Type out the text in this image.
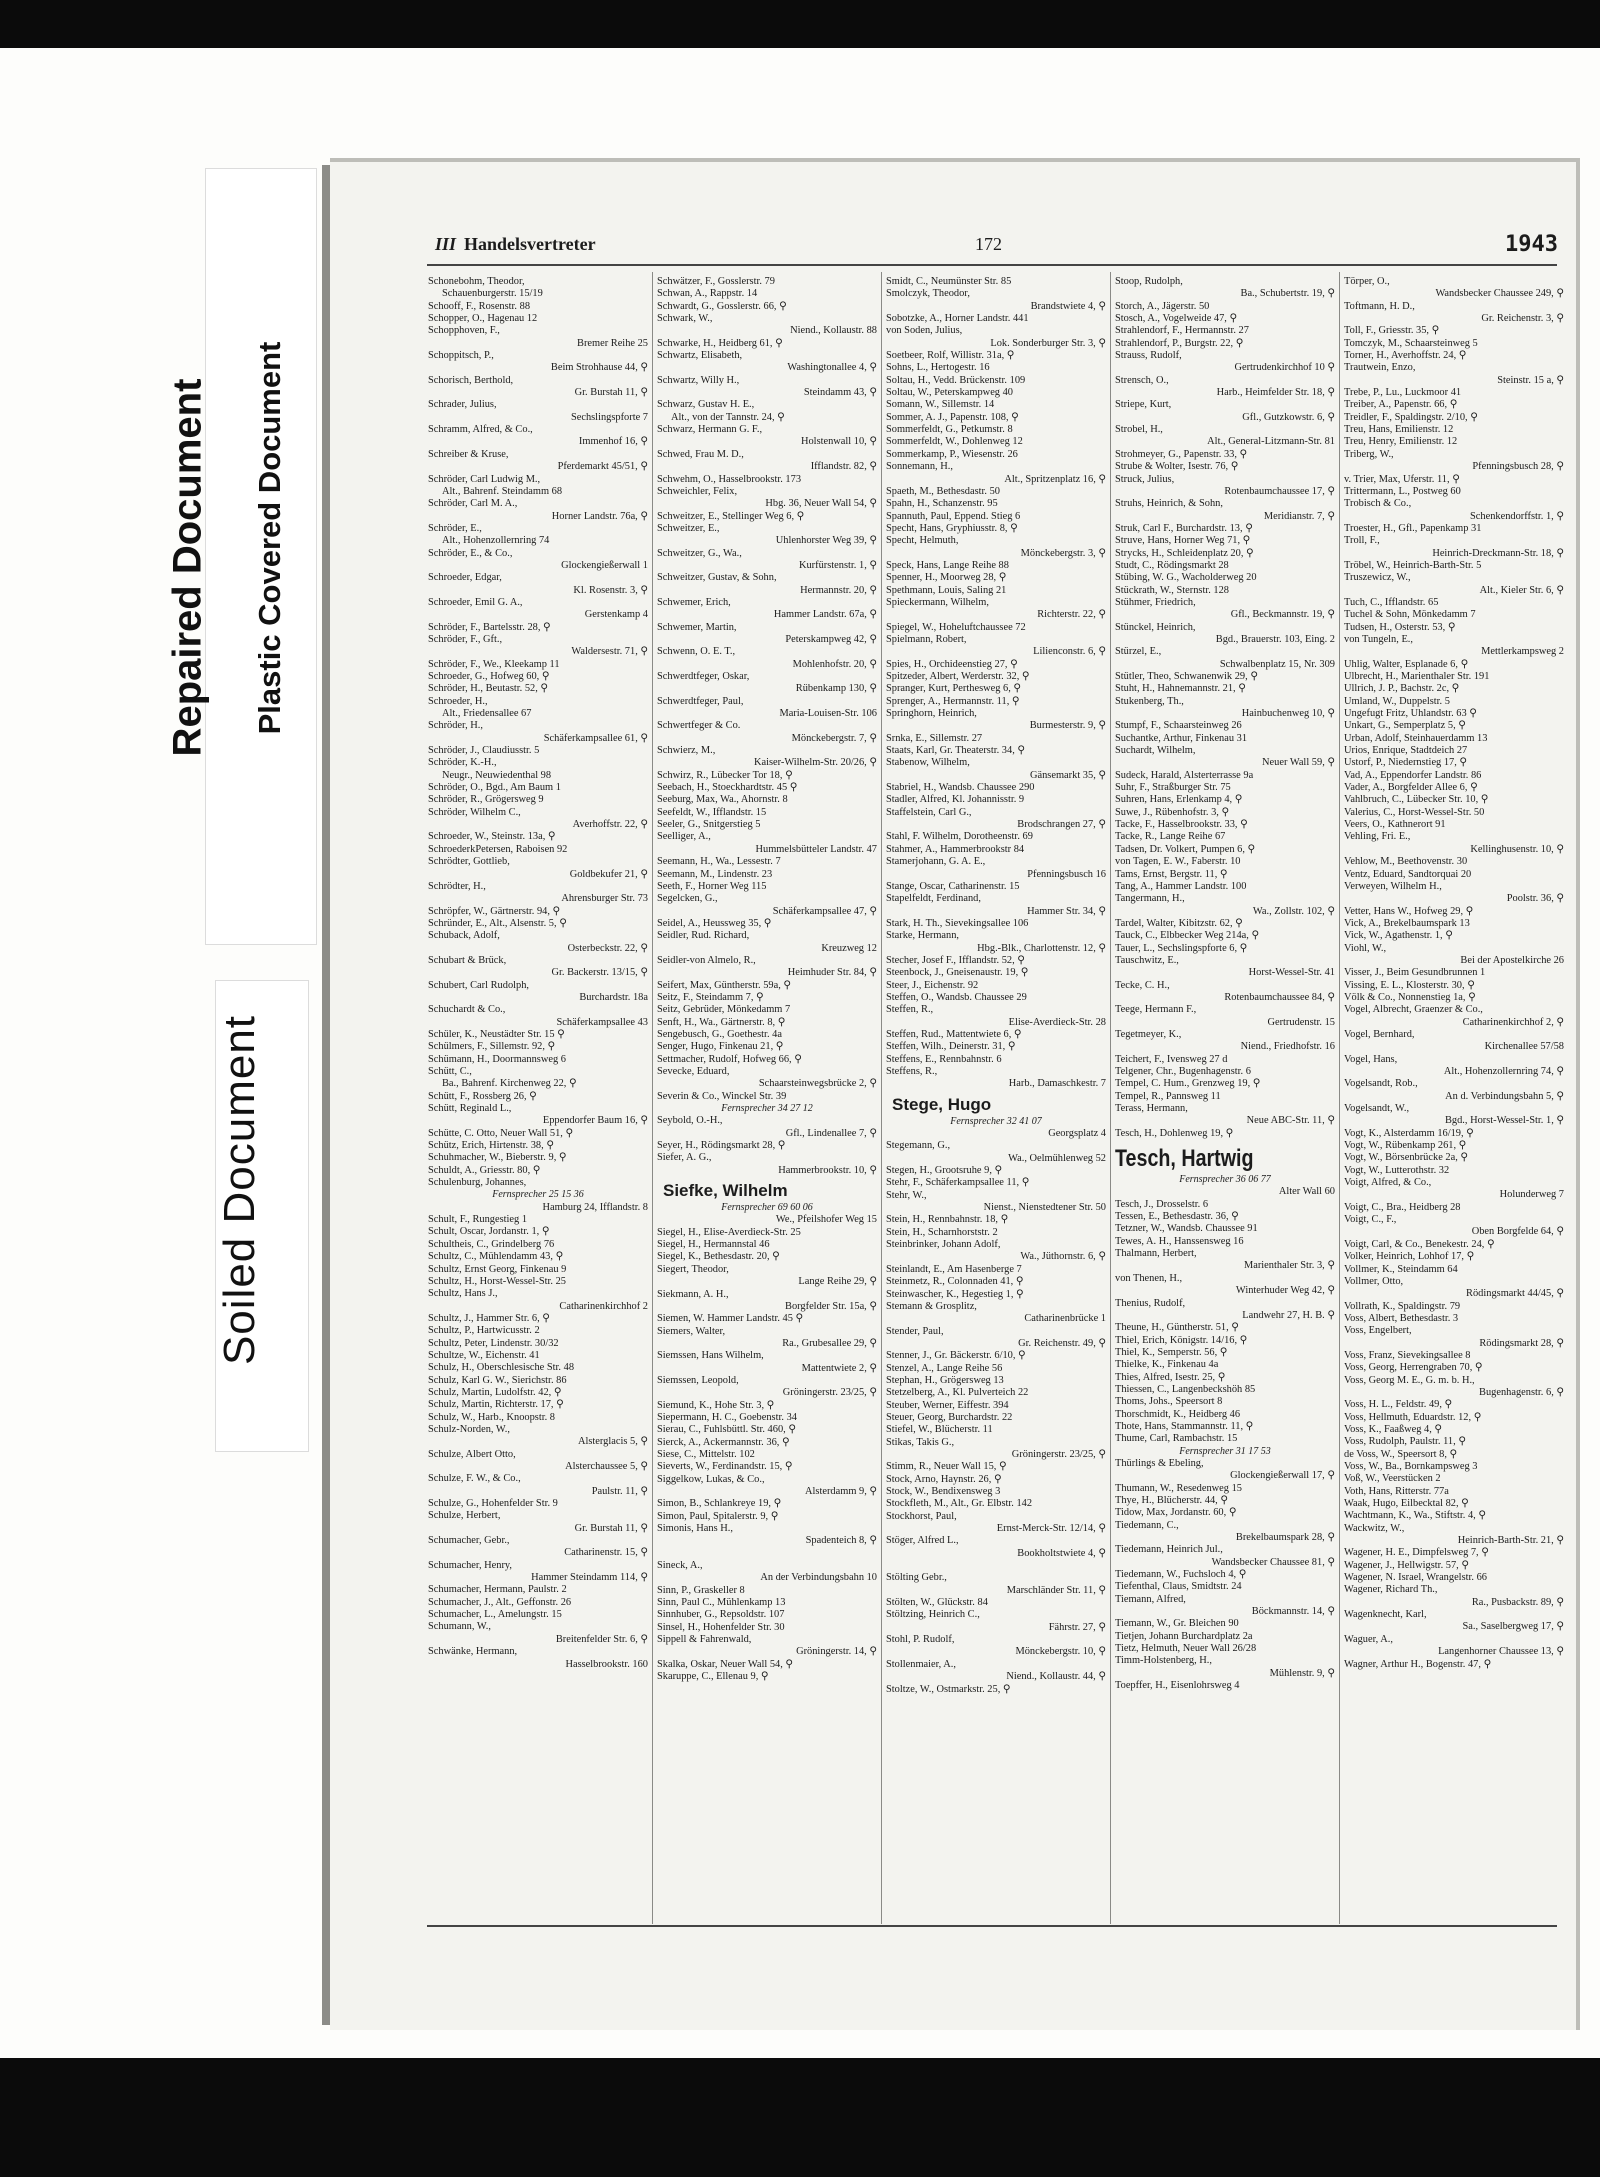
Repaired Document Plastic Covered Document
Soiled Document
III Handelsvertreter	172	1943
Schonebohm, Theodor,
Schauenburgerstr. 15/19
Schooff, F., Rosenstr. 88
Schopper, O., Hagenau 12
Schopphoven, F.,
Bremer Reihe 25
Schoppitsch, P.,
Beim Strohhause 44, ⚲
Schorisch, Berthold,
Gr. Burstah 11, ⚲
Schrader, Julius,
Sechslingspforte 7
Schramm, Alfred, & Co.,
Immenhof 16, ⚲
Schreiber & Kruse,
Pferdemarkt 45/51, ⚲
Schröder, Carl Ludwig M.,
Alt., Bahrenf. Steindamm 68
Schröder, Carl M. A.,
Horner Landstr. 76a, ⚲
Schröder, E.,
Alt., Hohenzollernring 74
Schröder, E., & Co.,
Glockengießerwall 1
Schroeder, Edgar,
Kl. Rosenstr. 3, ⚲
Schroeder, Emil G. A.,
Gerstenkamp 4
Schröder, F., Bartelsstr. 28, ⚲
Schröder, F., Gft.,
Waldersestr. 71, ⚲
Schröder, F., We., Kleekamp 11
Schroeder, G., Hofweg 60, ⚲
Schröder, H., Beutastr. 52, ⚲
Schroeder, H.,
Alt., Friedensallee 67
Schröder, H.,
Schäferkampsallee 61, ⚲
Schröder, J., Claudiusstr. 5
Schröder, K.-H.,
Neugr., Neuwiedenthal 98
Schröder, O., Bgd., Am Baum 1
Schröder, R., Grögersweg 9
Schröder, Wilhelm C.,
Averhoffstr. 22, ⚲
Schroeder, W., Steinstr. 13a, ⚲
SchroederkPetersen, Raboisen 92
Schrödter, Gottlieb,
Goldbekufer 21, ⚲
Schrödter, H.,
Ahrensburger Str. 73
Schröpfer, W., Gärtnerstr. 94, ⚲
Schründer, E., Alt., Alsenstr. 5, ⚲
Schuback, Adolf,
Osterbeckstr. 22, ⚲
Schubart & Brück,
Gr. Backerstr. 13/15, ⚲
Schubert, Carl Rudolph,
Burchardstr. 18a
Schuchardt & Co.,
Schäferkampsallee 43
Schüler, K., Neustädter Str. 15 ⚲
Schülmers, F., Sillemstr. 92, ⚲
Schümann, H., Doormannsweg 6
Schütt, C.,
Ba., Bahrenf. Kirchenweg 22, ⚲
Schütt, F., Rossberg 26, ⚲
Schütt, Reginald L.,
Eppendorfer Baum 16, ⚲
Schütte, C. Otto, Neuer Wall 51, ⚲
Schütz, Erich, Hirtenstr. 38, ⚲
Schuhmacher, W., Bieberstr. 9, ⚲
Schuldt, A., Griesstr. 80, ⚲
Schulenburg, Johannes,
Fernsprecher 25 15 36
Hamburg 24, Ifflandstr. 8
Schult, F., Rungestieg 1
Schult, Oscar, Jordanstr. 1, ⚲
Schultheis, C., Grindelberg 76
Schultz, C., Mühlendamm 43, ⚲
Schultz, Ernst Georg, Finkenau 9
Schultz, H., Horst-Wessel-Str. 25
Schultz, Hans J.,
Catharinenkirchhof 2
Schultz, J., Hammer Str. 6, ⚲
Schultz, P., Hartwicusstr. 2
Schultz, Peter, Lindenstr. 30/32
Schultze, W., Eichenstr. 41
Schulz, H., Oberschlesische Str. 48
Schulz, Karl G. W., Sierichstr. 86
Schulz, Martin, Ludolfstr. 42, ⚲
Schulz, Martin, Richterstr. 17, ⚲
Schulz, W., Harb., Knoopstr. 8
Schulz-Norden, W.,
Alsterglacis 5, ⚲
Schulze, Albert Otto,
Alsterchaussee 5, ⚲
Schulze, F. W., & Co.,
Paulstr. 11, ⚲
Schulze, G., Hohenfelder Str. 9
Schulze, Herbert,
Gr. Burstah 11, ⚲
Schumacher, Gebr.,
Catharinenstr. 15, ⚲
Schumacher, Henry,
Hammer Steindamm 114, ⚲
Schumacher, Hermann, Paulstr. 2
Schumacher, J., Alt., Geffonstr. 26
Schumacher, L., Amelungstr. 15
Schumann, W.,
Breitenfelder Str. 6, ⚲
Schwänke, Hermann,
Hasselbrookstr. 160
Schwätzer, F., Gosslerstr. 79
Schwan, A., Rappstr. 14
Schwardt, G., Gosslerstr. 66, ⚲
Schwark, W.,
Niend., Kollaustr. 88
Schwarke, H., Heidberg 61, ⚲
Schwartz, Elisabeth,
Washingtonallee 4, ⚲
Schwartz, Willy H.,
Steindamm 43, ⚲
Schwarz, Gustav H. E.,
Alt., von der Tannstr. 24, ⚲
Schwarz, Hermann G. F.,
Holstenwall 10, ⚲
Schwed, Frau M. D.,
Ifflandstr. 82, ⚲
Schwehm, O., Hasselbrookstr. 173
Schweichler, Felix,
Hbg. 36, Neuer Wall 54, ⚲
Schweitzer, E., Stellinger Weg 6, ⚲
Schweitzer, E.,
Uhlenhorster Weg 39, ⚲
Schweitzer, G., Wa.,
Kurfürstenstr. 1, ⚲
Schweitzer, Gustav, & Sohn,
Hermannstr. 20, ⚲
Schwemer, Erich,
Hammer Landstr. 67a, ⚲
Schwemer, Martin,
Peterskampweg 42, ⚲
Schwenn, O. E. T.,
Mohlenhofstr. 20, ⚲
Schwerdtfeger, Oskar,
Rübenkamp 130, ⚲
Schwerdtfeger, Paul,
Maria-Louisen-Str. 106
Schwertfeger & Co.
Mönckebergstr. 7, ⚲
Schwierz, M.,
Kaiser-Wilhelm-Str. 20/26, ⚲
Schwirz, R., Lübecker Tor 18, ⚲
Seebach, H., Stoeckhardtstr. 45 ⚲
Seeburg, Max, Wa., Ahornstr. 8
Seefeldt, W., Ifflandstr. 15
Seeler, G., Snitgerstieg 5
Seelliger, A.,
Hummelsbütteler Landstr. 47
Seemann, H., Wa., Lessestr. 7
Seemann, M., Lindenstr. 23
Seeth, F., Horner Weg 115
Segelcken, G.,
Schäferkampsallee 47, ⚲
Seidel, A., Heussweg 35, ⚲
Seidler, Rud. Richard,
Kreuzweg 12
Seidler-von Almelo, R.,
Heimhuder Str. 84, ⚲
Seifert, Max, Güntherstr. 59a, ⚲
Seitz, F., Steindamm 7, ⚲
Seitz, Gebrüder, Mönkedamm 7
Senft, H., Wa., Gärtnerstr. 8, ⚲
Sengebusch, G., Goethestr. 4a
Senger, Hugo, Finkenau 21, ⚲
Settmacher, Rudolf, Hofweg 66, ⚲
Sevecke, Eduard,
Schaarsteinwegsbrücke 2, ⚲
Severin & Co., Winckel Str. 39
Fernsprecher 34 27 12
Seybold, O.-H.,
Gfl., Lindenallee 7, ⚲
Seyer, H., Rödingsmarkt 28, ⚲
Siefer, A. G.,
Hammerbrookstr. 10, ⚲
Siefke, Wilhelm
Fernsprecher 69 60 06
We., Pfeilshofer Weg 15
Siegel, H., Elise-Averdieck-Str. 25
Siegel, H., Hermannstal 46
Siegel, K., Bethesdastr. 20, ⚲
Siegert, Theodor,
Lange Reihe 29, ⚲
Siekmann, A. H.,
Borgfelder Str. 15a, ⚲
Siemen, W. Hammer Landstr. 45 ⚲
Siemers, Walter,
Ra., Grubesallee 29, ⚲
Siemssen, Hans Wilhelm,
Mattentwiete 2, ⚲
Siemssen, Leopold,
Gröningerstr. 23/25, ⚲
Siemund, K., Hohe Str. 3, ⚲
Siepermann, H. C., Goebenstr. 34
Sierau, C., Fuhlsbüttl. Str. 460, ⚲
Sierck, A., Ackermannstr. 36, ⚲
Siese, C., Mittelstr. 102
Sieverts, W., Ferdinandstr. 15, ⚲
Siggelkow, Lukas, & Co.,
Alsterdamm 9, ⚲
Simon, B., Schlankreye 19, ⚲
Simon, Paul, Spitalerstr. 9, ⚲
Simonis, Hans H.,
Spadenteich 8, ⚲

Sineck, A.,
An der Verbindungsbahn 10
Sinn, P., Graskeller 8
Sinn, Paul C., Mühlenkamp 13
Sinnhuber, G., Repsoldstr. 107
Sinsel, H., Hohenfelder Str. 30
Sippell & Fahrenwald,
Gröningerstr. 14, ⚲
Skalka, Oskar, Neuer Wall 54, ⚲
Skaruppe, C., Ellenau 9, ⚲
Smidt, C., Neumünster Str. 85
Smolczyk, Theodor,
Brandstwiete 4, ⚲
Sobotzke, A., Horner Landstr. 441
von Soden, Julius,
Lok. Sonderburger Str. 3, ⚲
Soetbeer, Rolf, Willistr. 31a, ⚲
Sohns, L., Hertogestr. 16
Soltau, H., Vedd. Brückenstr. 109
Soltau, W., Peterskampweg 40
Somann, W., Sillemstr. 14
Sommer, A. J., Papenstr. 108, ⚲
Sommerfeldt, G., Petkumstr. 8
Sommerfeldt, W., Dohlenweg 12
Sommerkamp, P., Wiesenstr. 26
Sonnemann, H.,
Alt., Spritzenplatz 16, ⚲
Spaeth, M., Bethesdastr. 50
Spahn, H., Schanzenstr. 95
Spannuth, Paul, Eppend. Stieg 6
Specht, Hans, Gryphiusstr. 8, ⚲
Specht, Helmuth,
Mönckebergstr. 3, ⚲
Speck, Hans, Lange Reihe 88
Spenner, H., Moorweg 28, ⚲
Spethmann, Louis, Saling 21
Spieckermann, Wilhelm,
Richterstr. 22, ⚲
Spiegel, W., Hoheluftchaussee 72
Spielmann, Robert,
Lilienconstr. 6, ⚲
Spies, H., Orchideenstieg 27, ⚲
Spitzeder, Albert, Werderstr. 32, ⚲
Spranger, Kurt, Perthesweg 6, ⚲
Sprenger, A., Hermannstr. 11, ⚲
Springhorn, Heinrich,
Burmesterstr. 9, ⚲
Srnka, E., Sillemstr. 27
Staats, Karl, Gr. Theaterstr. 34, ⚲
Stabenow, Wilhelm,
Gänsemarkt 35, ⚲
Stabriel, H., Wandsb. Chaussee 290
Stadler, Alfred, Kl. Johannisstr. 9
Staffelstein, Carl G.,
Brodschrangen 27, ⚲
Stahl, F. Wilhelm, Dorotheenstr. 69
Stahmer, A., Hammerbrookstr 84
Stamerjohann, G. A. E.,
Pfenningsbusch 16
Stange, Oscar, Catharinenstr. 15
Stapelfeldt, Ferdinand,
Hammer Str. 34, ⚲
Stark, H. Th., Sievekingsallee 106
Starke, Hermann,
Hbg.-Blk., Charlottenstr. 12, ⚲
Stecher, Josef F., Ifflandstr. 52, ⚲
Steenbock, J., Gneisenaustr. 19, ⚲
Steer, J., Eichenstr. 92
Steffen, O., Wandsb. Chaussee 29
Steffen, R.,
Elise-Averdieck-Str. 28
Steffen, Rud., Mattentwiete 6, ⚲
Steffen, Wilh., Deinerstr. 31, ⚲
Steffens, E., Rennbahnstr. 6
Steffens, R.,
Harb., Damaschkestr. 7
Stege, Hugo
Fernsprecher 32 41 07
Georgsplatz 4
Stegemann, G.,
Wa., Oelmühlenweg 52
Stegen, H., Grootsruhe 9, ⚲
Stehr, F., Schäferkampsallee 11, ⚲
Stehr, W.,
Nienst., Nienstedtener Str. 50
Stein, H., Rennbahnstr. 18, ⚲
Stein, H., Scharnhorststr. 2
Steinbrinker, Johann Adolf,
Wa., Jüthornstr. 6, ⚲
Steinlandt, E., Am Hasenberge 7
Steinmetz, R., Colonnaden 41, ⚲
Steinwascher, K., Hegestieg 1, ⚲
Stemann & Grosplitz,
Catharinenbrücke 1
Stender, Paul,
Gr. Reichenstr. 49, ⚲
Stenner, J., Gr. Bäckerstr. 6/10, ⚲
Stenzel, A., Lange Reihe 56
Stephan, H., Grögersweg 13
Stetzelberg, A., Kl. Pulverteich 22
Steuber, Werner, Eiffestr. 394
Steuer, Georg, Burchardstr. 22
Stiefel, W., Blücherstr. 11
Stikas, Takis G.,
Gröningerstr. 23/25, ⚲
Stimm, R., Neuer Wall 15, ⚲
Stock, Arno, Haynstr. 26, ⚲
Stock, W., Bendixensweg 3
Stockfleth, M., Alt., Gr. Elbstr. 142
Stockhorst, Paul,
Ernst-Merck-Str. 12/14, ⚲
Stöger, Alfred L.,
Bookholtstwiete 4, ⚲

Stölting Gebr.,
Marschländer Str. 11, ⚲
Stölten, W., Glückstr. 84
Stöltzing, Heinrich C.,
Fährstr. 27, ⚲
Stohl, P. Rudolf,
Mönckebergstr. 10, ⚲
Stollenmaier, A.,
Niend., Kollaustr. 44, ⚲
Stoltze, W., Ostmarkstr. 25, ⚲
Stoop, Rudolph,
Ba., Schubertstr. 19, ⚲
Storch, A., Jägerstr. 50
Stosch, A., Vogelweide 47, ⚲
Strahlendorf, F., Hermannstr. 27
Strahlendorf, P., Burgstr. 22, ⚲
Strauss, Rudolf,
Gertrudenkirchhof 10 ⚲
Strensch, O.,
Harb., Heimfelder Str. 18, ⚲
Striepe, Kurt,
Gfl., Gutzkowstr. 6, ⚲
Strobel, H.,
Alt., General-Litzmann-Str. 81
Strohmeyer, G., Papenstr. 33, ⚲
Strube & Wolter, Isestr. 76, ⚲
Struck, Julius,
Rotenbaumchaussee 17, ⚲
Struhs, Heinrich, & Sohn,
Meridianstr. 7, ⚲
Struk, Carl F., Burchardstr. 13, ⚲
Struve, Hans, Horner Weg 71, ⚲
Strycks, H., Schleidenplatz 20, ⚲
Studt, C., Rödingsmarkt 28
Stübing, W. G., Wacholderweg 20
Stückrath, W., Sternstr. 128
Stühmer, Friedrich,
Gfl., Beckmannstr. 19, ⚲
Stünckel, Heinrich,
Bgd., Brauerstr. 103, Eing. 2
Stürzel, E.,
Schwalbenplatz 15, Nr. 309
Stütler, Theo, Schwanenwik 29, ⚲
Stuht, H., Hahnemannstr. 21, ⚲
Stukenberg, Th.,
Hainbuchenweg 10, ⚲
Stumpf, F., Schaarsteinweg 26
Suchantke, Arthur, Finkenau 31
Suchardt, Wilhelm,
Neuer Wall 59, ⚲
Sudeck, Harald, Alsterterrasse 9a
Suhr, F., Straßburger Str. 75
Suhren, Hans, Erlenkamp 4, ⚲
Suwe, J., Rübenhofstr. 3, ⚲
Tacke, F., Hasselbrookstr. 33, ⚲
Tacke, R., Lange Reihe 67
Tadsen, Dr. Volkert, Pumpen 6, ⚲
von Tagen, E. W., Faberstr. 10
Tams, Ernst, Bergstr. 11, ⚲
Tang, A., Hammer Landstr. 100
Tangermann, H.,
Wa., Zollstr. 102, ⚲
Tardel, Walter, Kibitzstr. 62, ⚲
Tauck, C., Elbbecker Weg 214a, ⚲
Tauer, L., Sechslingspforte 6, ⚲
Tauschwitz, E.,
Horst-Wessel-Str. 41
Tecke, C. H.,
Rotenbaumchaussee 84, ⚲
Teege, Hermann F.,
Gertrudenstr. 15
Tegetmeyer, K.,
Niend., Friedhofstr. 16
Teichert, F., Ivensweg 27 d
Telgener, Chr., Bugenhagenstr. 6
Tempel, C. Hum., Grenzweg 19, ⚲
Tempel, R., Pannsweg 11
Terass, Hermann,
Neue ABC-Str. 11, ⚲
Tesch, H., Dohlenweg 19, ⚲
Tesch, Hartwig
Fernsprecher 36 06 77
Alter Wall 60
Tesch, J., Drosselstr. 6
Tessen, E., Bethesdastr. 36, ⚲
Tetzner, W., Wandsb. Chaussee 91
Tewes, A. H., Hanssensweg 16
Thalmann, Herbert,
Marienthaler Str. 3, ⚲
von Thenen, H.,
Winterhuder Weg 42, ⚲
Thenius, Rudolf,
Landwehr 27, H. B. ⚲
Theune, H., Güntherstr. 51, ⚲
Thiel, Erich, Königstr. 14/16, ⚲
Thiel, K., Semperstr. 56, ⚲
Thielke, K., Finkenau 4a
Thies, Alfred, Isestr. 25, ⚲
Thiessen, C., Langenbeckshöh 85
Thoms, Johs., Speersort 8
Thorschmidt, K., Heidberg 46
Thote, Hans, Stammannstr. 11, ⚲
Thume, Carl, Rambachstr. 15
Fernsprecher 31 17 53
Thürlings & Ebeling,
Glockengießerwall 17, ⚲
Thumann, W., Resedenweg 15
Thye, H., Blücherstr. 44, ⚲
Tidow, Max, Jordanstr. 60, ⚲
Tiedemann, C.,
Brekelbaumspark 28, ⚲
Tiedemann, Heinrich Jul.,
Wandsbecker Chaussee 81, ⚲
Tiedemann, W., Fuchsloch 4, ⚲
Tiefenthal, Claus, Smidtstr. 24
Tiemann, Alfred,
Böckmannstr. 14, ⚲
Tiemann, W., Gr. Bleichen 90
Tietjen, Johann Burchardplatz 2a
Tietz, Helmuth, Neuer Wall 26/28
Timm-Holstenberg, H.,
Mühlenstr. 9, ⚲
Toepffer, H., Eisenlohrsweg 4
Törper, O.,
Wandsbecker Chaussee 249, ⚲
Toftmann, H. D.,
Gr. Reichenstr. 3, ⚲
Toll, F., Griesstr. 35, ⚲
Tomczyk, M., Schaarsteinweg 5
Torner, H., Averhoffstr. 24, ⚲
Trautwein, Enzo,
Steinstr. 15 a, ⚲
Trebe, P., Lu., Luckmoor 41
Treiber, A., Papenstr. 66, ⚲
Treidler, F., Spaldingstr. 2/10, ⚲
Treu, Hans, Emilienstr. 12
Treu, Henry, Emilienstr. 12
Triberg, W.,
Pfenningsbusch 28, ⚲
v. Trier, Max, Uferstr. 11, ⚲
Trittermann, L., Postweg 60
Trobisch & Co.,
Schenkendorffstr. 1, ⚲
Troester, H., Gfl., Papenkamp 31
Troll, F.,
Heinrich-Dreckmann-Str. 18, ⚲
Tröbel, W., Heinrich-Barth-Str. 5
Truszewicz, W.,
Alt., Kieler Str. 6, ⚲
Tuch, C., Ifflandstr. 65
Tuchel & Sohn, Mönkedamm 7
Tudsen, H., Osterstr. 53, ⚲
von Tungeln, E.,
Mettlerkampsweg 2
Uhlig, Walter, Esplanade 6, ⚲
Ulbrecht, H., Marienthaler Str. 191
Ullrich, J. P., Bachstr. 2c, ⚲
Umland, W., Duppelstr. 5
Ungefugt Fritz, Uhlandstr. 63 ⚲
Unkart, G., Semperplatz 5, ⚲
Urban, Adolf, Steinhauerdamm 13
Urios, Enrique, Stadtdeich 27
Ustorf, P., Niedernstieg 17, ⚲
Vad, A., Eppendorfer Landstr. 86
Vader, A., Borgfelder Allee 6, ⚲
Vahlbruch, C., Lübecker Str. 10, ⚲
Valerius, C., Horst-Wessel-Str. 50
Veers, O., Kathnerort 91
Vehling, Fri. E.,
Kellinghusenstr. 10, ⚲
Vehlow, M., Beethovenstr. 30
Ventz, Eduard, Sandtorquai 20
Verweyen, Wilhelm H.,
Poolstr. 36, ⚲
Vetter, Hans W., Hofweg 29, ⚲
Vick, A., Brekelbaumspark 13
Vick, W., Agathenstr. 1, ⚲
Viohl, W.,
Bei der Apostelkirche 26
Visser, J., Beim Gesundbrunnen 1
Vissing, E. L., Klosterstr. 30, ⚲
Völk & Co., Nonnenstieg 1a, ⚲
Vogel, Albrecht, Graenzer & Co.,
Catharinenkirchhof 2, ⚲
Vogel, Bernhard,
Kirchenallee 57/58
Vogel, Hans,
Alt., Hohenzollernring 74, ⚲
Vogelsandt, Rob.,
An d. Verbindungsbahn 5, ⚲
Vogelsandt, W.,
Bgd., Horst-Wessel-Str. 1, ⚲
Vogt, K., Alsterdamm 16/19, ⚲
Vogt, W., Rübenkamp 261, ⚲
Vogt, W., Börsenbrücke 2a, ⚲
Vogt, W., Lutterothstr. 32
Voigt, Alfred, & Co.,
Holunderweg 7
Voigt, C., Bra., Heidberg 28
Voigt, C., F.,
Oben Borgfelde 64, ⚲
Voigt, Carl, & Co., Benekestr. 24, ⚲
Volker, Heinrich, Lohhof 17, ⚲
Vollmer, K., Steindamm 64
Vollmer, Otto,
Rödingsmarkt 44/45, ⚲
Vollrath, K., Spaldingstr. 79
Voss, Albert, Bethesdastr. 3
Voss, Engelbert,
Rödingsmarkt 28, ⚲
Voss, Franz, Sievekingsallee 8
Voss, Georg, Herrengraben 70, ⚲
Voss, Georg M. E., G. m. b. H.,
Bugenhagenstr. 6, ⚲
Voss, H. L., Feldstr. 49, ⚲
Voss, Hellmuth, Eduardstr. 12, ⚲
Voss, K., Faaßweg 4, ⚲
Voss, Rudolph, Paulstr. 11, ⚲
de Voss, W., Speersort 8, ⚲
Voss, W., Ba., Bornkampsweg 3
Voß, W., Veerstücken 2
Voth, Hans, Ritterstr. 77a
Waak, Hugo, Eilbecktal 82, ⚲
Wachtmann, K., Wa., Stiftstr. 4, ⚲
Wackwitz, W.,
Heinrich-Barth-Str. 21, ⚲
Wagener, H. E., Dimpfelsweg 7, ⚲
Wagener, J., Hellwigstr. 57, ⚲
Wagener, N. Israel, Wrangelstr. 66
Wagener, Richard Th.,
Ra., Pusbackstr. 89, ⚲
Wagenknecht, Karl,
Sa., Saselbergweg 17, ⚲
Waguer, A.,
Langenhorner Chaussee 13, ⚲
Wagner, Arthur H., Bogenstr. 47, ⚲
